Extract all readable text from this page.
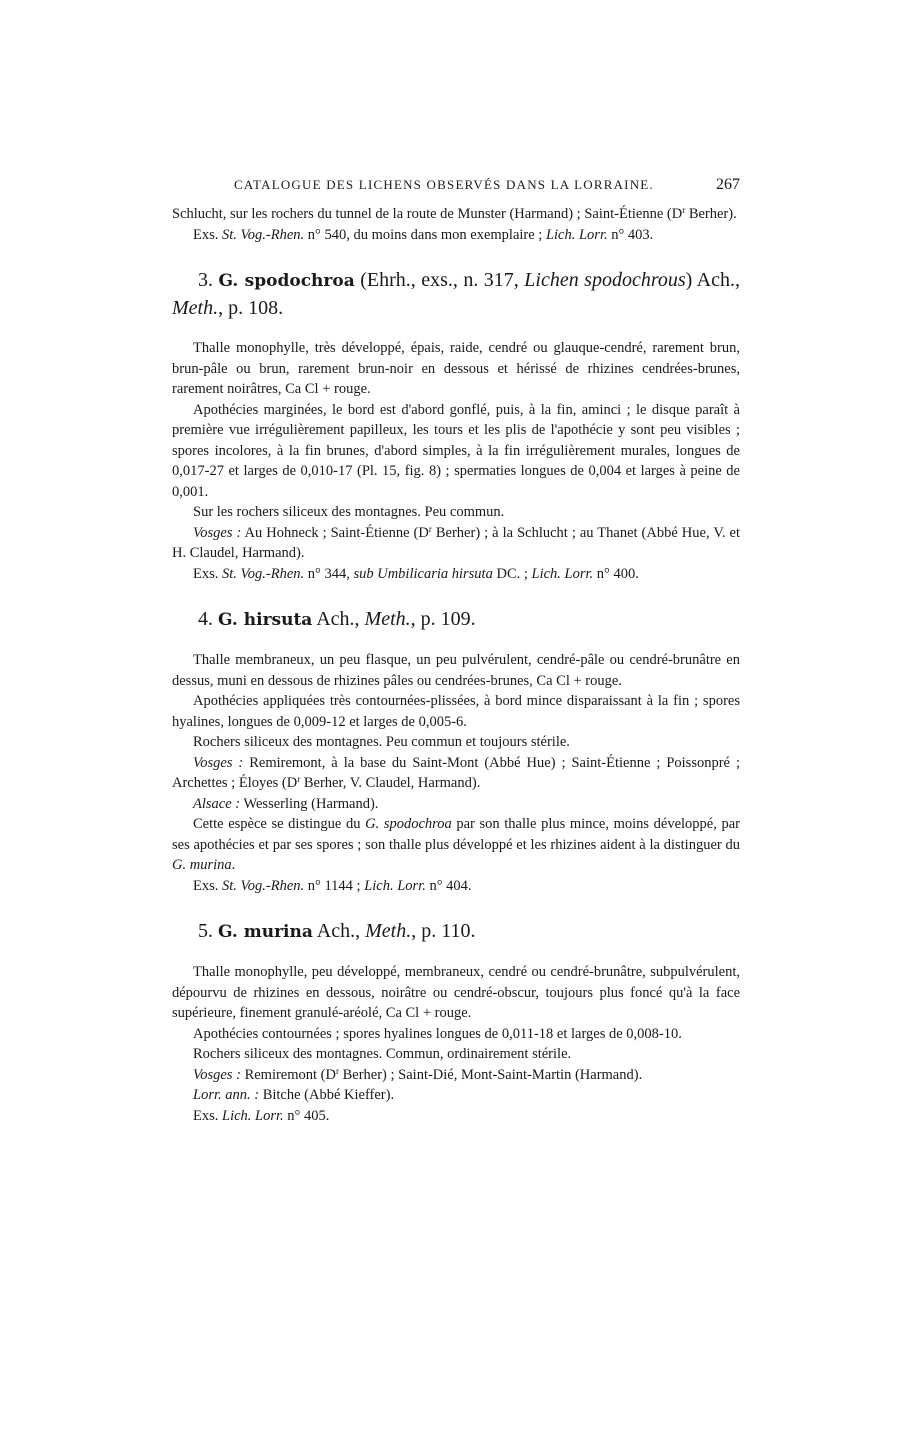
CATALOGUE DES LICHENS OBSERVÉS DANS LA LORRAINE.	267

Schlucht, sur les rochers du tunnel de la route de Munster (Harmand) ; Saint-Étienne ($D^r$ Berher).

Exs. St. Vog.-Rhen. n° 540, du moins dans mon exemplaire ; Lich. Lorr. n° 403.

3. G. spodochroa (Ehrh., exs., n. 317, Lichen spodochrous) Ach., Meth., p. 108.

Thalle monophylle, très développé, épais, raide, cendré ou glauque-cendré, rarement brun, brun-pâle ou brun, rarement brun-noir en dessous et hérissé de rhizines cendrées-brunes, rarement noirâtres, Ca Cl + rouge.

Apothécies marginées, le bord est d'abord gonflé, puis, à la fin, aminci ; le disque paraît à première vue irrégulièrement papilleux, les tours et les plis de l'apothécie y sont peu visibles ; spores incolores, à la fin brunes, d'abord simples, à la fin irrégulièrement murales, longues de 0,017-27 et larges de 0,010-17 (Pl. 15, fig. 8) ; spermaties longues de 0,004 et larges à peine de 0,001.

Sur les rochers siliceux des montagnes. Peu commun.

Vosges : Au Hohneck ; Saint-Étienne ($D^r$ Berher) ; à la Schlucht ; au Thanet (Abbé Hue, V. et H. Claudel, Harmand).

Exs. St. Vog.-Rhen. n° 344, sub Umbilicaria hirsuta DC. ; Lich. Lorr. n° 400.

4. G. hirsuta Ach., Meth., p. 109.

Thalle membraneux, un peu flasque, un peu pulvérulent, cendré-pâle ou cendré-brunâtre en dessus, muni en dessous de rhizines pâles ou cendrées-brunes, Ca Cl + rouge.

Apothécies appliquées très contournées-plissées, à bord mince disparaissant à la fin ; spores hyalines, longues de 0,009-12 et larges de 0,005-6.

Rochers siliceux des montagnes. Peu commun et toujours stérile.

Vosges : Remiremont, à la base du Saint-Mont (Abbé Hue) ; Saint-Étienne ; Poissonpré ; Archettes ; Éloyes ($D^r$ Berher, V. Claudel, Harmand).

Alsace : Wesserling (Harmand).

Cette espèce se distingue du G. spodochroa par son thalle plus mince, moins développé, par ses apothécies et par ses spores ; son thalle plus développé et les rhizines aident à la distinguer du G. murina.

Exs. St. Vog.-Rhen. n° 1144 ; Lich. Lorr. n° 404.

5. G. murina Ach., Meth., p. 110.

Thalle monophylle, peu développé, membraneux, cendré ou cendré-brunâtre, subpulvérulent, dépourvu de rhizines en dessous, noirâtre ou cendré-obscur, toujours plus foncé qu'à la face supérieure, finement granulé-aréolé, Ca Cl + rouge.

Apothécies contournées ; spores hyalines longues de 0,011-18 et larges de 0,008-10.

Rochers siliceux des montagnes. Commun, ordinairement stérile.

Vosges : Remiremont ($D^r$ Berher) ; Saint-Dié, Mont-Saint-Martin (Harmand).

Lorr. ann. : Bitche (Abbé Kieffer).

Exs. Lich. Lorr. n° 405.
